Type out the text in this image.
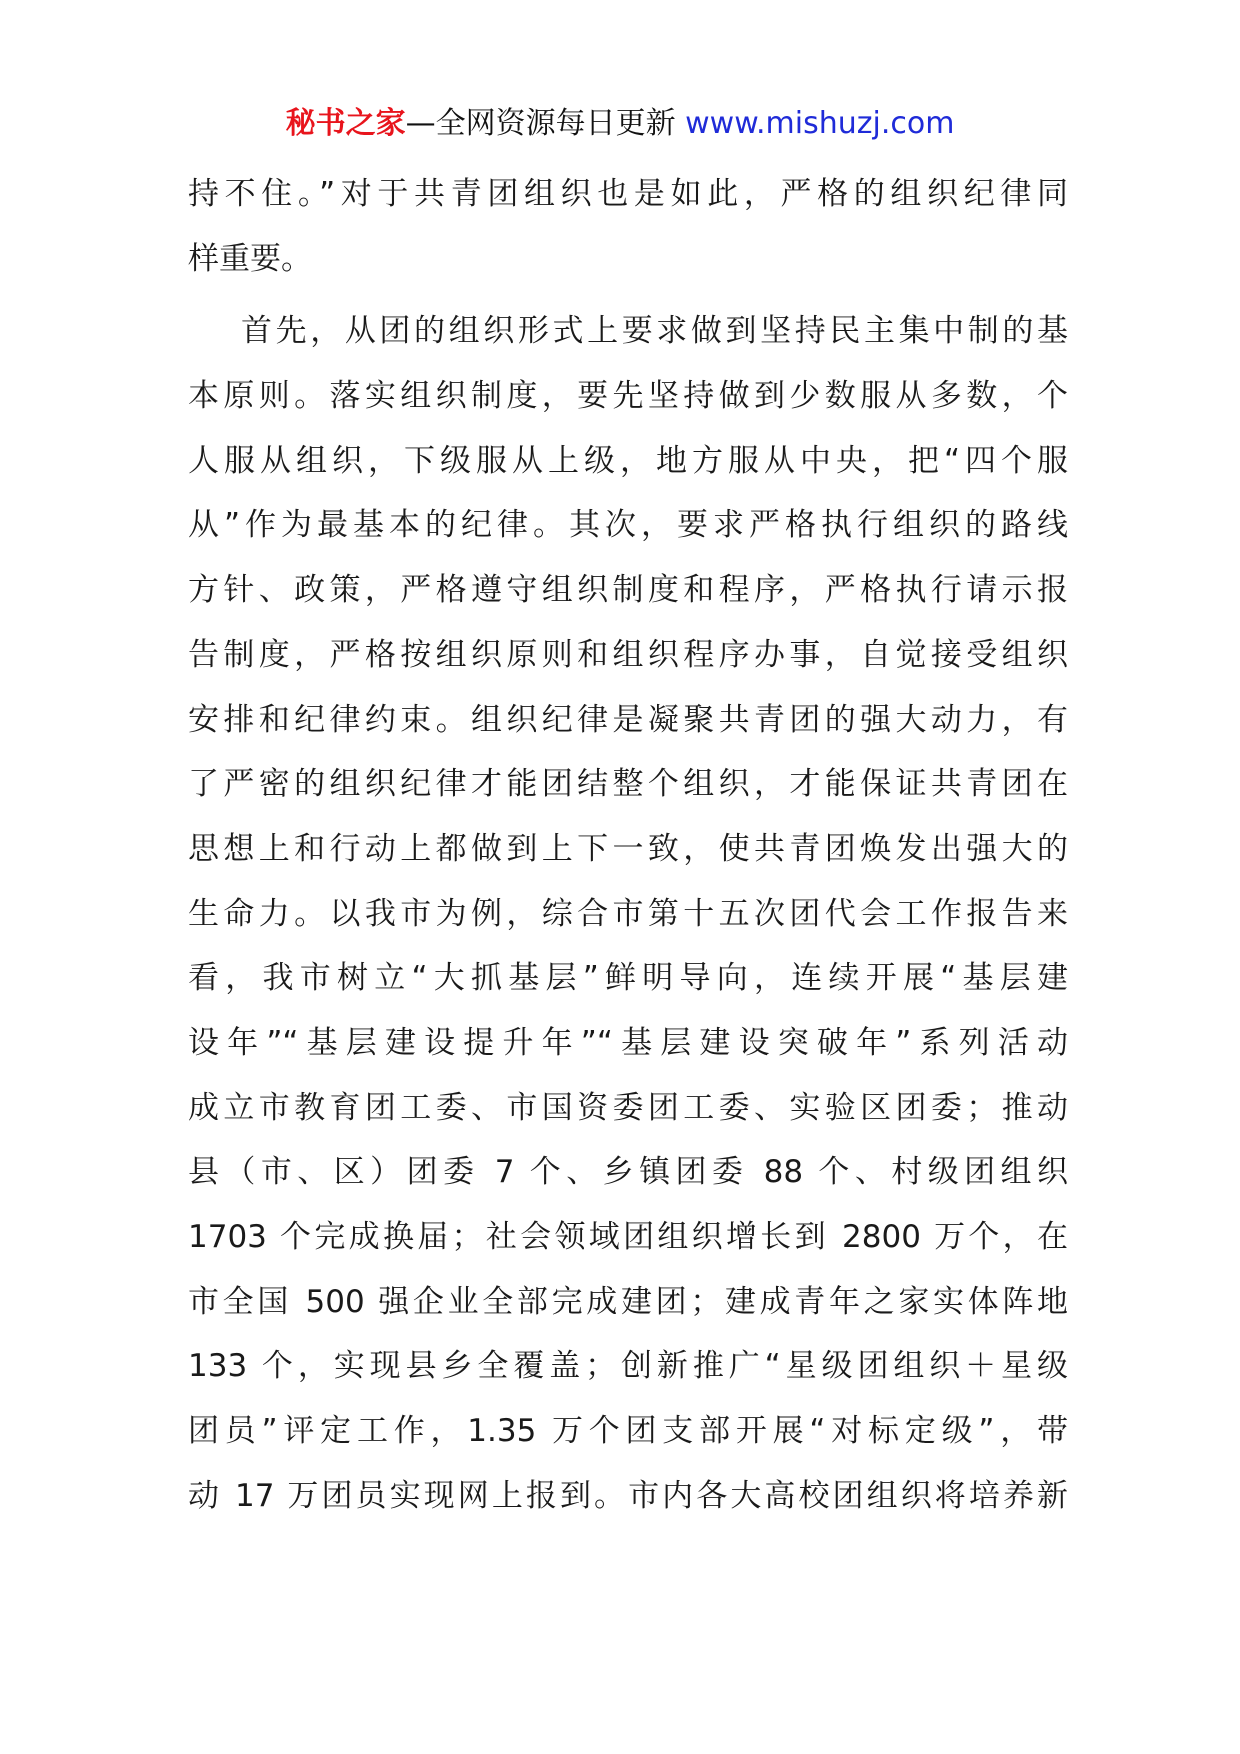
秘书之家—全网资源每日更新 www.mishuzj.com
持不住。”对于共青团组织也是如此，严格的组织纪律同
样重要。
首先，从团的组织形式上要求做到坚持民主集中制的基
本原则。落实组织制度，要先坚持做到少数服从多数，个
人服从组织，下级服从上级，地方服从中央，把“四个服
从”作为最基本的纪律。其次，要求严格执行组织的路线
方针、政策，严格遵守组织制度和程序，严格执行请示报
告制度，严格按组织原则和组织程序办事，自觉接受组织
安排和纪律约束。组织纪律是凝聚共青团的强大动力，有
了严密的组织纪律才能团结整个组织，才能保证共青团在
思想上和行动上都做到上下一致，使共青团焕发出强大的
生命力。以我市为例，综合市第十五次团代会工作报告来
看，我市树立“大抓基层”鲜明导向，连续开展“基层建
设年”“基层建设提升年”“基层建设突破年”系列活动
成立市教育团工委、市国资委团工委、实验区团委；推动
县（市、区）团委 7 个、乡镇团委 88 个、村级团组织
1703 个完成换届；社会领域团组织增长到 2800 万个，在
市全国 500 强企业全部完成建团；建成青年之家实体阵地
133 个，实现县乡全覆盖；创新推广“星级团组织＋星级
团员”评定工作，1.35 万个团支部开展“对标定级”，带
动 17 万团员实现网上报到。市内各大高校团组织将培养新
